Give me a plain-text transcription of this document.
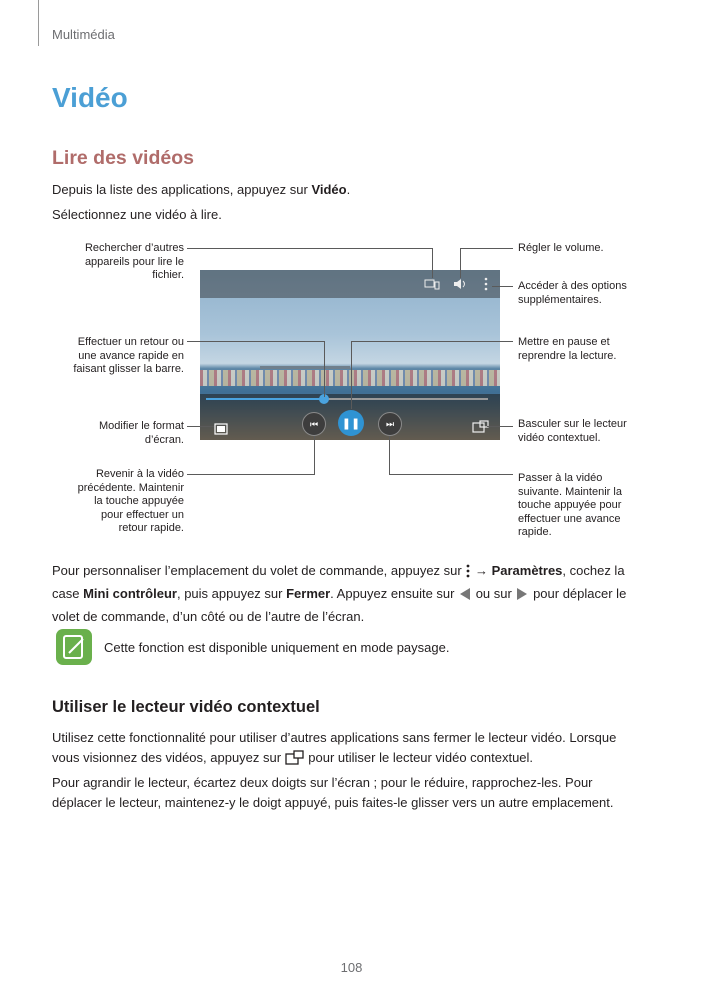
Multimédia
Vidéo
Lire des vidéos
Depuis la liste des applications, appuyez sur Vidéo.
Sélectionnez une vidéo à lire.
⏮ ❚❚	⏭
Rechercher d’autres
appareils pour lire le
fichier.
Régler le volume.
Accéder à des options
supplémentaires.
Effectuer un retour ou
une avance rapide en
faisant glisser la barre.
Mettre en pause et
reprendre la lecture.
Modifier le format
d’écran.
Basculer sur le lecteur
vidéo contextuel.
Revenir à la vidéo
précédente. Maintenir
la touche appuyée
pour effectuer un
retour rapide.
Passer à la vidéo
suivante. Maintenir la
touche appuyée pour
effectuer une avance
rapide.
Pour personnaliser l’emplacement du volet de commande, appuyez sur  → Paramètres, cochez la case Mini contrôleur, puis appuyez sur Fermer. Appuyez ensuite sur  ou sur  pour déplacer le volet de commande, d’un côté ou de l’autre de l’écran.
Cette fonction est disponible uniquement en mode paysage.
Utiliser le lecteur vidéo contextuel
Utilisez cette fonctionnalité pour utiliser d’autres applications sans fermer le lecteur vidéo. Lorsque vous visionnez des vidéos, appuyez sur  pour utiliser le lecteur vidéo contextuel.
Pour agrandir le lecteur, écartez deux doigts sur l’écran ; pour le réduire, rapprochez-les. Pour déplacer le lecteur, maintenez-y le doigt appuyé, puis faites-le glisser vers un autre emplacement.
108
